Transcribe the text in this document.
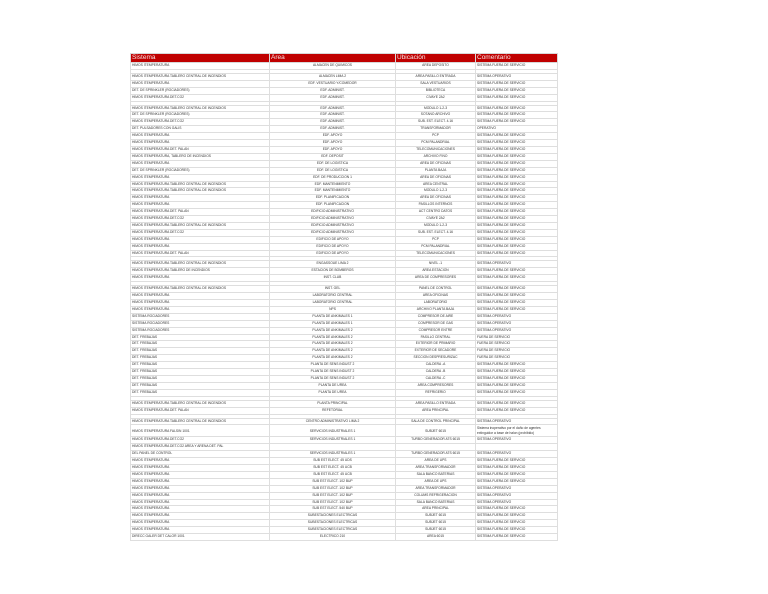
Sistema	Área	Ubicación	Comentario
HIMOS ITEMPERATURA	ALMACEN DE QUIMICOS	AREA DEPOSITO	SISTEMA FUERA DE SERVICIO

HIMOS ITEMPERATURA TABLERO CENTRAL DE INCENDIOS	ALMACEN LIMA 2	AREA PASILLO ENTRADA	SISTEMA OPERATIVO
HIMOS ITEMPERATURA	EDF. VESTUARIO Y/COMEDOR	SALA VESTUARIOS	SISTEMA FUERA DE SERVICIO
DET. DE SPRINKLER (ROCIADORES)	EDF. ADMINIST.	BIBLIOTECA	SISTEMA FUERA DE SERVICIO
HIMOS ITEMPERATURA DET.CO2	EDF. ADMINIST.	CIVAYE 2A2	SISTEMA FUERA DE SERVICIO

HIMOS ITEMPERATURA TABLERO CENTRAL DE INCENDIOS	EDF. ADMINIST.	MODULO 1-2-3	SISTEMA FUERA DE SERVICIO
DET. DE SPRINKLER (ROCIADORES)	EDF. ADMINIST.	SOTANO ARCHIVO	SISTEMA FUERA DE SERVICIO
HIMOS ITEMPERATURA DET.CO2	EDF. ADMINIST.	SUB. EST. ELECT. 4.16	SISTEMA FUERA DE SERVICIO
DET. PULSADORES CON GALIS	EDF. ADMINIST.	TRANSFORMADOR	OPERATIVO
HIMOS ITEMPERATURA	EDF. APOYO	PCP	SISTEMA FUERA DE SERVICIO
HIMOS ITEMPERATURA	EDF. APOYO	PCM PALANDRIAL	SISTEMA FUERA DE SERVICIO
HIMOS ITEMPERATURA DET. PALAN	EDF. APOYO	TELECOMUNICACIONES	SISTEMA FUERA DE SERVICIO
HIMOS ITEMPERATURA, TABLERO DE INCENDIOS	EDF. DEPOSIT	ARCHIVO FINO	SISTEMA FUERA DE SERVICIO
HIMOS ITEMPERATURA	EDF. DE LOGISTICA	AREA DE OFICINAS	SISTEMA FUERA DE SERVICIO
DET. DE SPRINKLER (ROCIADORES)	EDF. DE LOGISTICA	PLANTA BAJA	SISTEMA FUERA DE SERVICIO
HIMOS ITEMPERATURA	EDF. DE PRODUCCION 1	AREA DE OFICINAS	SISTEMA FUERA DE SERVICIO
HIMOS ITEMPERATURA TABLERO CENTRAL DE INCENDIOS	EDF. MANTENIMIENTO	AREA CENTRAL	SISTEMA FUERA DE SERVICIO
HIMOS ITEMPERATURA TABLERO CENTRAL DE INCENDIOS	EDF. MANTENIMIENTO	MODULO 1-2-3	SISTEMA FUERA DE SERVICIO
HIMOS ITEMPERATURA	EDF. PLANIFICACION	AREA DE OFICINAS	SISTEMA FUERA DE SERVICIO
HIMOS ITEMPERATURA	EDF. PLANIFICACION	PASILLOS INTERNOS	SISTEMA FUERA DE SERVICIO
HIMOS ITEMPERATURA DET. PALAN	EDIFICIO ADMINISTRATIVO	ACT CENTRO DATOS	SISTEMA FUERA DE SERVICIO
HIMOS ITEMPERATURA DET.CO2	EDIFICIO ADMINISTRATIVO	CIVAYE 2A2	SISTEMA FUERA DE SERVICIO
HIMOS ITEMPERATURA TABLERO CENTRAL DE INCENDIOS	EDIFICIO ADMINISTRATIVO	MODULO 1-2-3	SISTEMA FUERA DE SERVICIO
HIMOS ITEMPERATURA DET.CO2	EDIFICIO ADMINISTRATIVO	SUB. EST. ELECT. 4.16	SISTEMA FUERA DE SERVICIO
HIMOS ITEMPERATURA	EDIFICIO DE APOYO	PCP	SISTEMA FUERA DE SERVICIO
HIMOS ITEMPERATURA	EDIFICIO DE APOYO	PCM PALANDRIAL	SISTEMA FUERA DE SERVICIO
HIMOS ITEMPERATURA DET. PALAN	EDIFICIO DE APOYO	TELECOMUNICACIONES	SISTEMA FUERA DE SERVICIO

HIMOS ITEMPERATURA TABLERO CENTRAL DE INCENDIOS	ENGASSOUE LIMA 2	NIVEL -1	SISTEMA OPERATIVO
HIMOS ITEMPERATURA TABLERO DE INCENDIOS	ESTACION DE BOMBEROS	AREA ESTACION	SISTEMA FUERA DE SERVICIO
HIMOS ITEMPERATURA	INST. CLUB	AREA DE COMPRESORES	SISTEMA FUERA DE SERVICIO

HIMOS ITEMPERATURA TABLERO CENTRAL DE INCENDIOS	INST. GEL	PANEL DE CONTROL	SISTEMA FUERA DE SERVICIO
HIMOS ITEMPERATURA	LABORATORIO CENTRAL	AREA OFICINAS	SISTEMA FUERA DE SERVICIO
HIMOS ITEMPERATURA	LABORATORIO CENTRAL	LABORATORIO	SISTEMA FUERA DE SERVICIO
HIMOS ITEMPERATURA	NPS	ARCHIVO PLANTA BAJA	SISTEMA FUERA DE SERVICIO
SISTEMA ROCIADORES	PLANTA DE ANKIMALES 1	COMPRESOR DE AIRE	SISTEMA OPERATIVO
SISTEMA ROCIADORES	PLANTA DE ANKIMALES 1	COMPRESOR DE GAS	SISTEMA OPERATIVO
SISTEMA ROCIADORES	PLANTA DE ANKIMALES 2	COMPRESOR ENTRE	SISTEMA OPERATIVO
DET. FREBAJAS	PLANTA DE ANKIMALES 2	PASILLO CENTRAL	FUERA DE SERVICIO
DET. FREBAJAS	PLANTA DE ANKIMALES 2	EXTERIOR DE PRIMARIO	FUERA DE SERVICIO
DET. FREBAJAS	PLANTA DE ANKIMALES 2	EXTERIOR DE SECADORE	FUERA DE SERVICIO
DET. FREBAJAS	PLANTA DE ANKIMALES 2	SECCION DESPRESURIZAC	FUERA DE SERVICIO
DET. FREBAJAS	PLANTA DE SENS INDUST 2	CALDERA -A	SISTEMA FUERA DE SERVICIO
DET. FREBAJAS	PLANTA DE SENS INDUST 2	CALDERA -B	SISTEMA FUERA DE SERVICIO
DET. FREBAJAS	PLANTA DE SENS INDUST 2	CALDERA -C	SISTEMA FUERA DE SERVICIO
DET. FREBAJAS	PLANTA DE UREA	AREA COMPRESORES	SISTEMA FUERA DE SERVICIO
DET. FREBAJAS	PLANTA DE UREA	REFRIGERIO	SISTEMA FUERA DE SERVICIO

HIMOS ITEMPERATURA TABLERO CENTRAL DE INCENDIOS	PLANTA PRINCIPAL	AREA PASILLO ENTRADA	SISTEMA FUERA DE SERVICIO
HIMOS ITEMPERATURA DET. PALAN	REFETORIAL	AREA PRINCIPAL	SISTEMA FUERA DE SERVICIO

HIMOS ITEMPERATURA TABLERO CENTRAL DE INCENDIOS	CENTRO ADMINISTRATIVO LIMA 2	SALA DE CONTROL PRINCIPAL	SISTEMA OPERATIVO
HIMOS ITEMPERATURA FALSIN 1001	SERVICIOS INDUSTRIALES 1	SUBJET 6015	Sistema inoperativo por el daño de agentes extinguidor a base de halon (prohibido)
HIMOS ITEMPERATURA DET.CO2	SERVICIOS INDUSTRIALES 1	TURBO GENERADOR ATS 6015	SISTEMA OPERATIVO
HIMOS ITEMPERATURA DET.CO2 AREA Y ARENA DET. PAL			
DEL PANEL DE CONTROL	SERVICIOS INDUSTRIALES 1	TURBO GENERADOR ATS 6015	SISTEMA OPERATIVO
HIMOS ITEMPERATURA	SUB EST ELECT. 45 UDS	AREA DE UPS	SISTEMA FUERA DE SERVICIO
HIMOS ITEMPERATURA	SUB EST ELECT. 45 UCB	AREA TRANSFORMADOR	SISTEMA FUERA DE SERVICIO
HIMOS ITEMPERATURA	SUB EST ELECT. 45 UCB	SALA BANCO BATERIAS	SISTEMA FUERA DE SERVICIO
HIMOS ITEMPERATURA	SUB EST ELECT. 102 BUP	AREA DE UPS	SISTEMA FUERA DE SERVICIO
HIMOS ITEMPERATURA	SUB EST ELECT. 102 BUP	AREA TRANSFORMADOR	SISTEMA OPERATIVO
HIMOS ITEMPERATURA	SUB EST ELECT. 102 BUP	COLUMS REFRIGERACION	SISTEMA OPERATIVO
HIMOS ITEMPERATURA	SUB EST ELECT. 102 BUP	SALA BANCO BATERIAS	SISTEMA OPERATIVO
HIMOS ITEMPERATURA	SUB EST ELECT. 540 BUP	AREA PRINCIPAL	SISTEMA FUERA DE SERVICIO
HIMOS ITEMPERATURA	SUBESTACIONES ELECTRICAS	SUBJET 6015	SISTEMA FUERA DE SERVICIO
HIMOS ITEMPERATURA	SUBESTACIONES ELECTRICAS	SUBJET 6015	SISTEMA FUERA DE SERVICIO
HIMOS ITEMPERATURA	SUBESTACIONES ELECTRICAS	SUBJET 6015	SISTEMA FUERA DE SERVICIO
DIRECC GALER DET CALOR 1001	ELECTRICO 210	AREA 6015	SISTEMA FUERA DE SERVICIO
